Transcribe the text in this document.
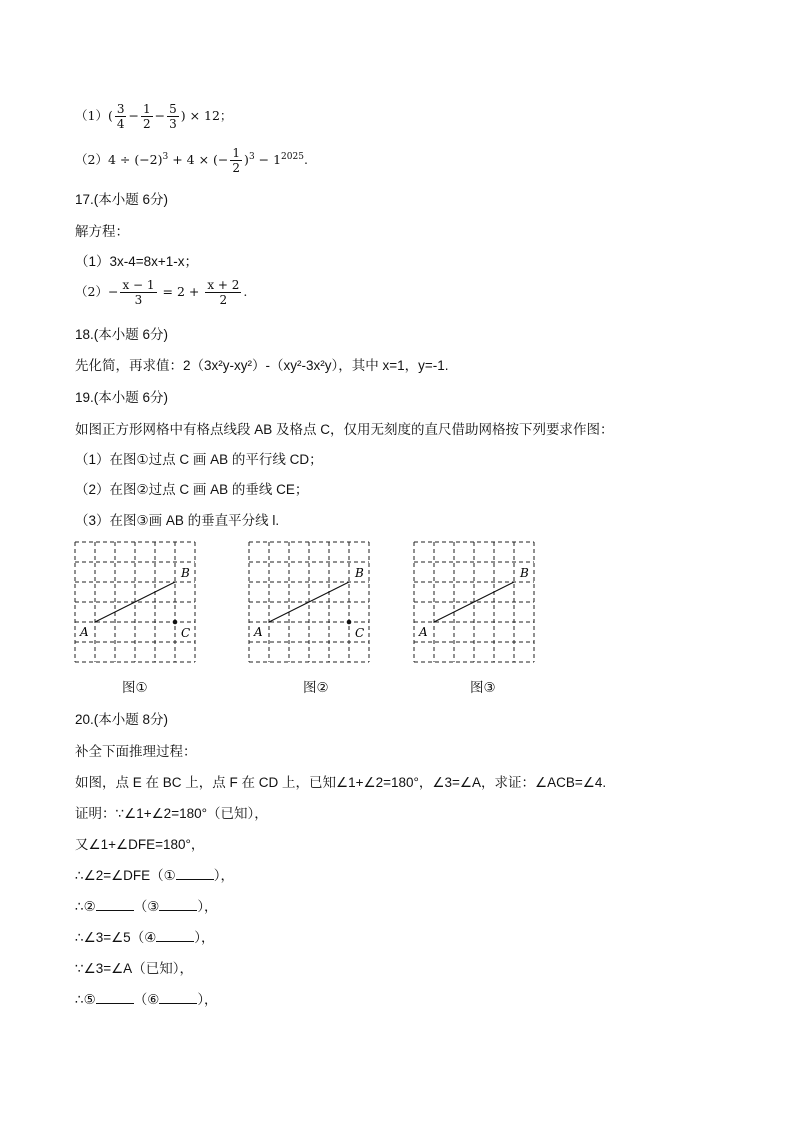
$(1)( \frac{3}{4} - \frac{1}{2} - \frac{5}{3}$ ) × 12；
$(2)4 \div (-2)^3 + 4$ × (− $\frac{1}{2} )^3 - 1^{2025}$.
17.(本小题 6分)
解方程：
（1）3x-4=8x+1-x；
$(2)- \frac{x - 1}{3} = 2 + \frac{x + 2}{2}$ .
18.(本小题 6分)
先化简，再求值：2（3x²y-xy²）-（xy²-3x²y），其中 x=1，y=-1.
19.(本小题 6分)
如图正方形网格中有格点线段 AB 及格点 C，仅用无刻度的直尺借助网格按下列要求作图：
（1）在图①过点 C 画 AB 的平行线 CD；
（2）在图②过点 C 画 AB 的垂线 CE；
（3）在图③画 AB 的垂直平分线 l.
A
B
C
图①
A
B
C
图②
A
B
图③
20.(本小题 8分)
补全下面推理过程：
如图，点 E 在 BC 上，点 F 在 CD 上，已知∠1+∠2=180°，∠3=∠A，求证：∠ACB=∠4.
证明：∵∠1+∠2=180°（已知），
又∠1+∠DFE=180°，
∴∠2=∠DFE（①	），
∴②	（③	），
∴∠3=∠5（④	），
∵∠3=∠A（已知），
∴⑤	（⑥	），
